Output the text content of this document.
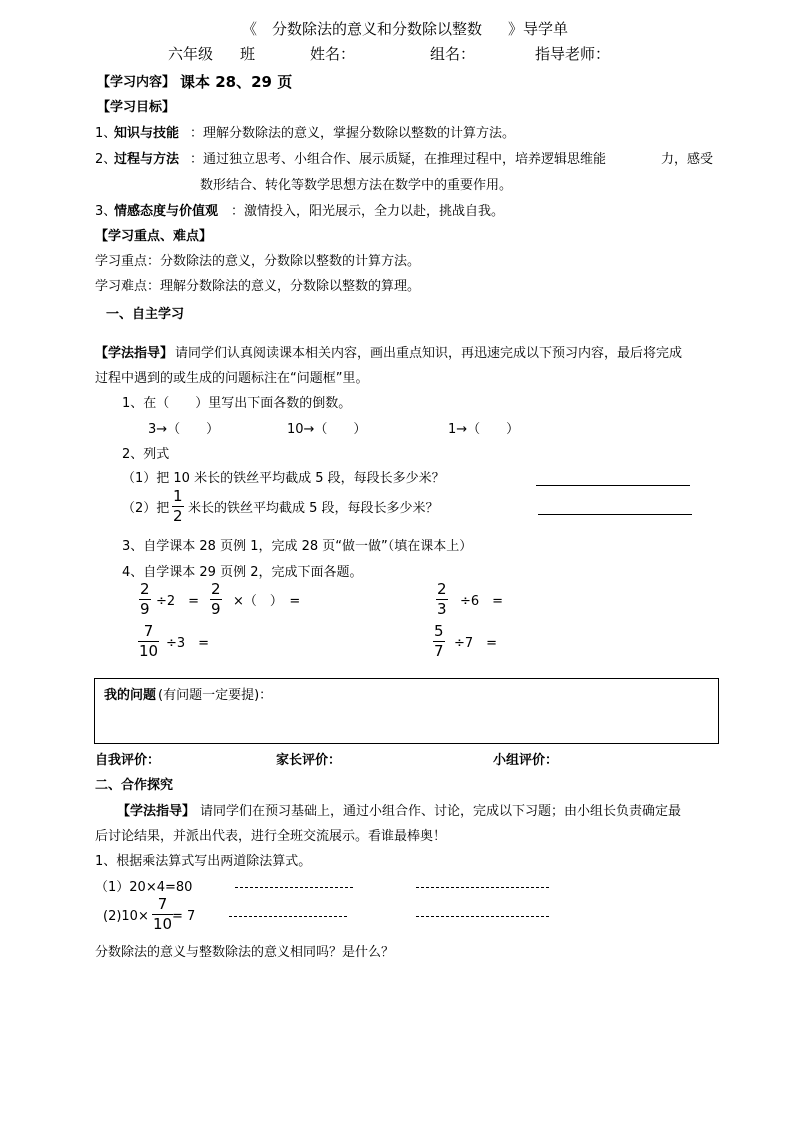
《 分数除法的意义和分数除以整数 》导学单
六年级 班	姓名：	组名：	指导老师：
【学习内容】 课本 28、29 页
【学习目标】
1、
知识与技能 ：理解分数除法的意义，掌握分数除以整数的计算方法。
2、
过程与方法 ：通过独立思考、小组合作、展示质疑，在推理过程中，培养逻辑思维能	力，感受
数形结合、转化等数学思想方法在数学中的重要作用。
3、
情感态度与价值观 ：激情投入，阳光展示，全力以赴，挑战自我。
【学习重点、难点】
学习重点：分数除法的意义，分数除以整数的计算方法。
学习难点：理解分数除法的意义，分数除以整数的算理。
一、自主学习
【学法指导】 请同学们认真阅读课本相关内容，画出重点知识，再迅速完成以下预习内容，最后将完成
过程中遇到的或生成的问题标注在“问题框”里。
1、在（　　）里写出下面各数的倒数。
3→（　　）	10→（　　）	1→（　　）
2、列式
（1）把 10 米长的铁丝平均截成 5 段，每段长多少米？
（2）把
1
2 米长的铁丝平均截成 5 段，每段长多少米？
3、自学课本 28 页例 1，完成 28 页“做一做”（填在课本上）
4、自学课本 29 页例 2，完成下面各题。
2
9 ÷2　=
2
9 ×（　）　=
2
3 ÷6　=
7
10 ÷3　=
5
7 ÷7　=
我的问题 (有问题一定要提)：
自我评价：	家长评价：	小组评价：
二、合作探究
【学法指导】 请同学们在预习基础上，通过小组合作、讨论，完成以下习题；由小组长负责确定最
后讨论结果，并派出代表，进行全班交流展示。看谁最棒奥！
1、根据乘法算式写出两道除法算式。
（1）20×4=80
(2)10×
7
10 = 7
分数除法的意义与整数除法的意义相同吗？是什么？
